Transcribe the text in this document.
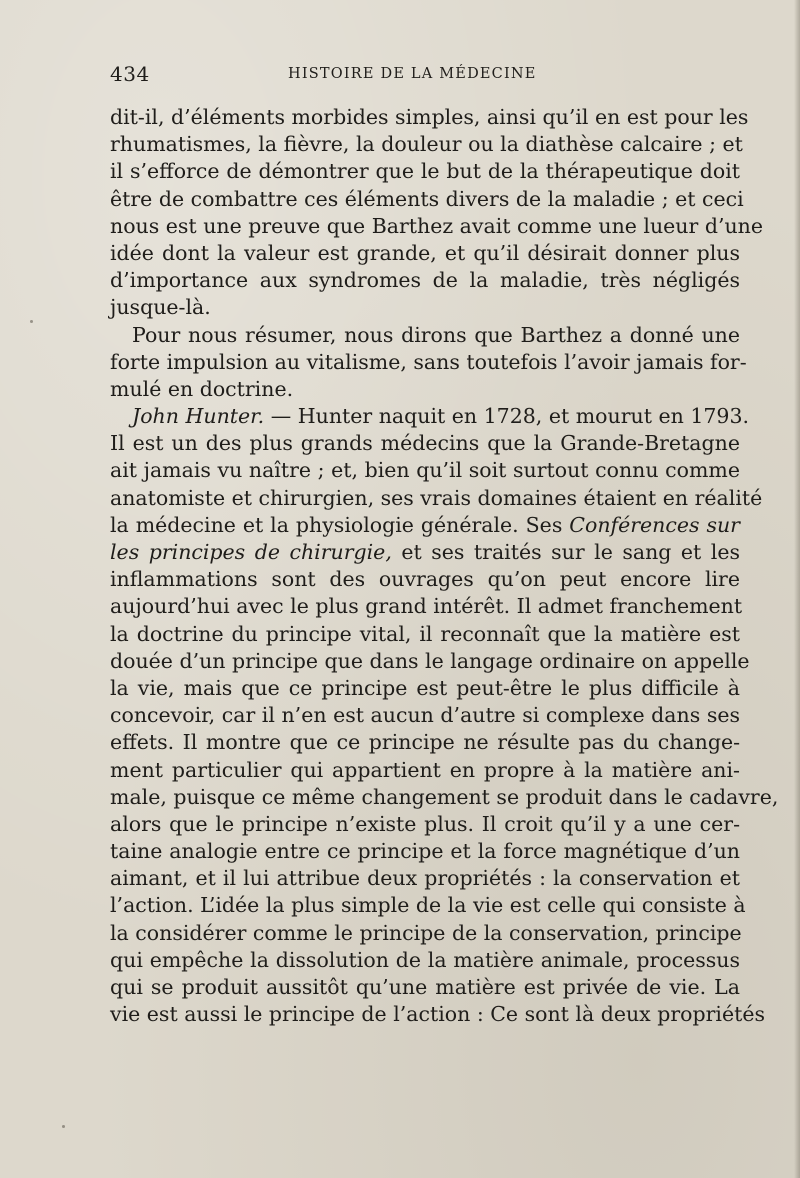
434	HISTOIRE DE LA MÉDECINE
dit-il, d’éléments morbides simples, ainsi qu’il en est pour les
rhumatismes, la fièvre, la douleur ou la diathèse calcaire ; et
il s’efforce de démontrer que le but de la thérapeutique doit
être de combattre ces éléments divers de la maladie ; et ceci
nous est une preuve que Barthez avait comme une lueur d’une
idée dont la valeur est grande, et qu’il désirait donner plus
d’importance aux syndromes de la maladie, très négligés
jusque-là.
Pour nous résumer, nous dirons que Barthez a donné une
forte impulsion au vitalisme, sans toutefois l’avoir jamais for-
mulé en doctrine.
John Hunter. — Hunter naquit en 1728, et mourut en 1793.
Il est un des plus grands médecins que la Grande-Bretagne
ait jamais vu naître ; et, bien qu’il soit surtout connu comme
anatomiste et chirurgien, ses vrais domaines étaient en réalité
la médecine et la physiologie générale. Ses Conférences sur
les principes de chirurgie, et ses traités sur le sang et les
inflammations sont des ouvrages qu’on peut encore lire
aujourd’hui avec le plus grand intérêt. Il admet franchement
la doctrine du principe vital, il reconnaît que la matière est
douée d’un principe que dans le langage ordinaire on appelle
la vie, mais que ce principe est peut-être le plus difficile à
concevoir, car il n’en est aucun d’autre si complexe dans ses
effets. Il montre que ce principe ne résulte pas du change-
ment particulier qui appartient en propre à la matière ani-
male, puisque ce même changement se produit dans le cadavre,
alors que le principe n’existe plus. Il croit qu’il y a une cer-
taine analogie entre ce principe et la force magnétique d’un
aimant, et il lui attribue deux propriétés : la conservation et
l’action. L’idée la plus simple de la vie est celle qui consiste à
la considérer comme le principe de la conservation, principe
qui empêche la dissolution de la matière animale, processus
qui se produit aussitôt qu’une matière est privée de vie. La
vie est aussi le principe de l’action : Ce sont là deux propriétés
